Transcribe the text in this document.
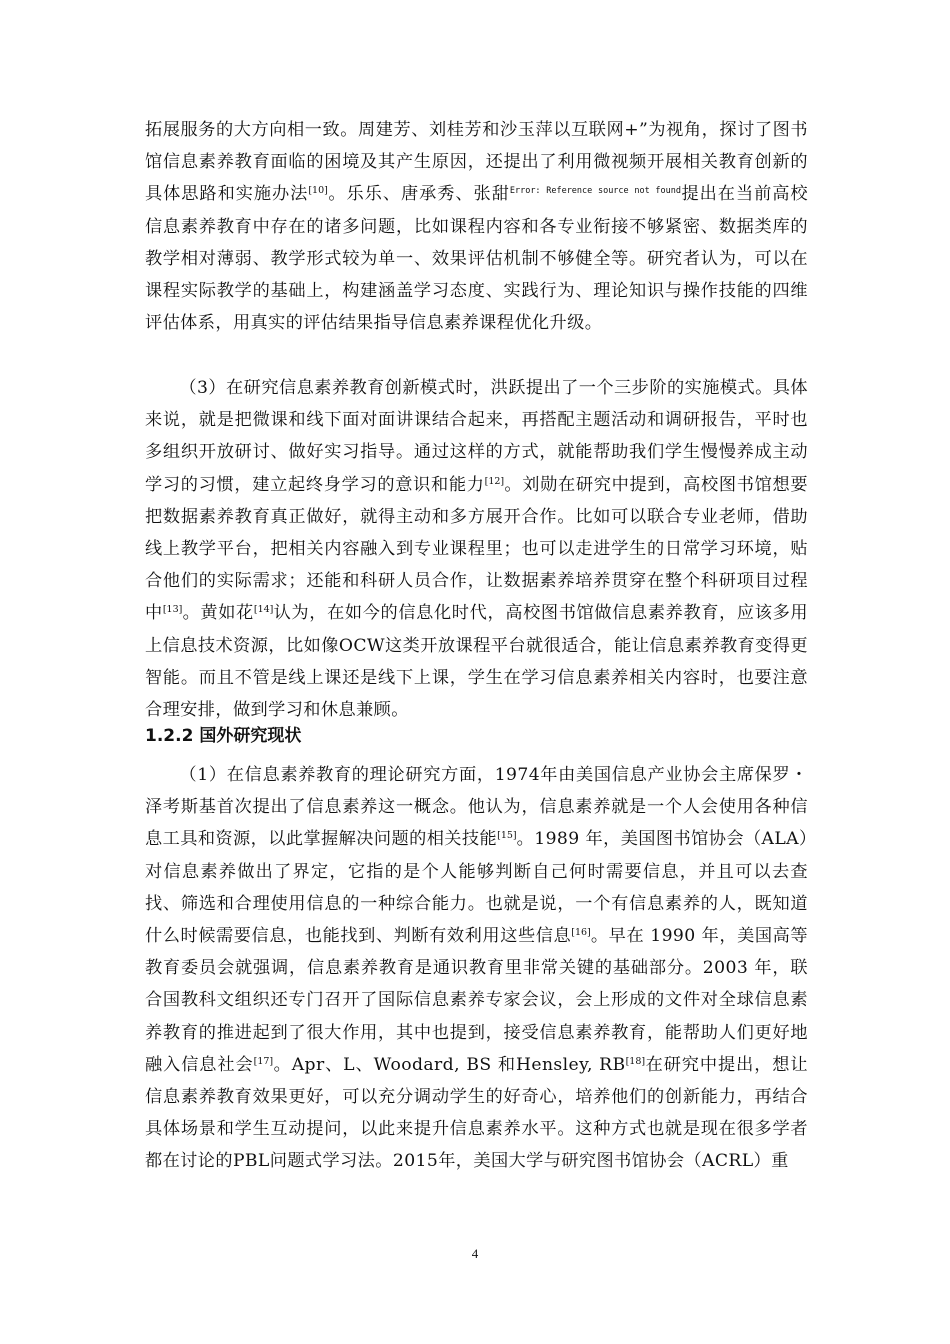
拓展服务的大方向相一致。周建芳、刘桂芳和沙玉萍以互联网+”为视角，探讨了图书馆信息素养教育面临的困境及其产生原因，还提出了利用微视频开展相关教育创新的具体思路和实施办法[10]。乐乐、唐承秀、张甜$^{Error: Reference source not found}$提出在当前高校信息素养教育中存在的诸多问题，比如课程内容和各专业衔接不够紧密、数据类库的教学相对薄弱、教学形式较为单一、效果评估机制不够健全等。研究者认为，可以在课程实际教学的基础上，构建涵盖学习态度、实践行为、理论知识与操作技能的四维评估体系，用真实的评估结果指导信息素养课程优化升级。

（3）在研究信息素养教育创新模式时，洪跃提出了一个三步阶的实施模式。具体来说，就是把微课和线下面对面讲课结合起来，再搭配主题活动和调研报告，平时也多组织开放研讨、做好实习指导。通过这样的方式，就能帮助我们学生慢慢养成主动学习的习惯，建立起终身学习的意识和能力[12]。刘勋在研究中提到，高校图书馆想要把数据素养教育真正做好，就得主动和多方展开合作。比如可以联合专业老师，借助线上教学平台，把相关内容融入到专业课程里；也可以走进学生的日常学习环境，贴合他们的实际需求；还能和科研人员合作，让数据素养培养贯穿在整个科研项目过程中[13]。黄如花[14]认为，在如今的信息化时代，高校图书馆做信息素养教育，应该多用上信息技术资源，比如像OCW这类开放课程平台就很适合，能让信息素养教育变得更智能。而且不管是线上课还是线下上课，学生在学习信息素养相关内容时，也要注意合理安排，做到学习和休息兼顾。

1.2.2 国外研究现状

（1）在信息素养教育的理论研究方面，1974年由美国信息产业协会主席保罗・泽考斯基首次提出了信息素养这一概念。他认为，信息素养就是一个人会使用各种信息工具和资源，以此掌握解决问题的相关技能[15]。1989 年，美国图书馆协会（ALA）对信息素养做出了界定，它指的是个人能够判断自己何时需要信息，并且可以去查找、筛选和合理使用信息的一种综合能力。也就是说，一个有信息素养的人，既知道什么时候需要信息，也能找到、判断有效利用这些信息[16]。早在 1990 年，美国高等教育委员会就强调，信息素养教育是通识教育里非常关键的基础部分。2003 年，联合国教科文组织还专门召开了国际信息素养专家会议，会上形成的文件对全球信息素养教育的推进起到了很大作用，其中也提到，接受信息素养教育，能帮助人们更好地融入信息社会[17]。Apr、L、Woodard, BS 和Hensley, RB[18]在研究中提出，想让信息素养教育效果更好，可以充分调动学生的好奇心，培养他们的创新能力，再结合具体场景和学生互动提问，以此来提升信息素养水平。这种方式也就是现在很多学者都在讨论的PBL问题式学习法。2015年，美国大学与研究图书馆协会（ACRL）重

4
